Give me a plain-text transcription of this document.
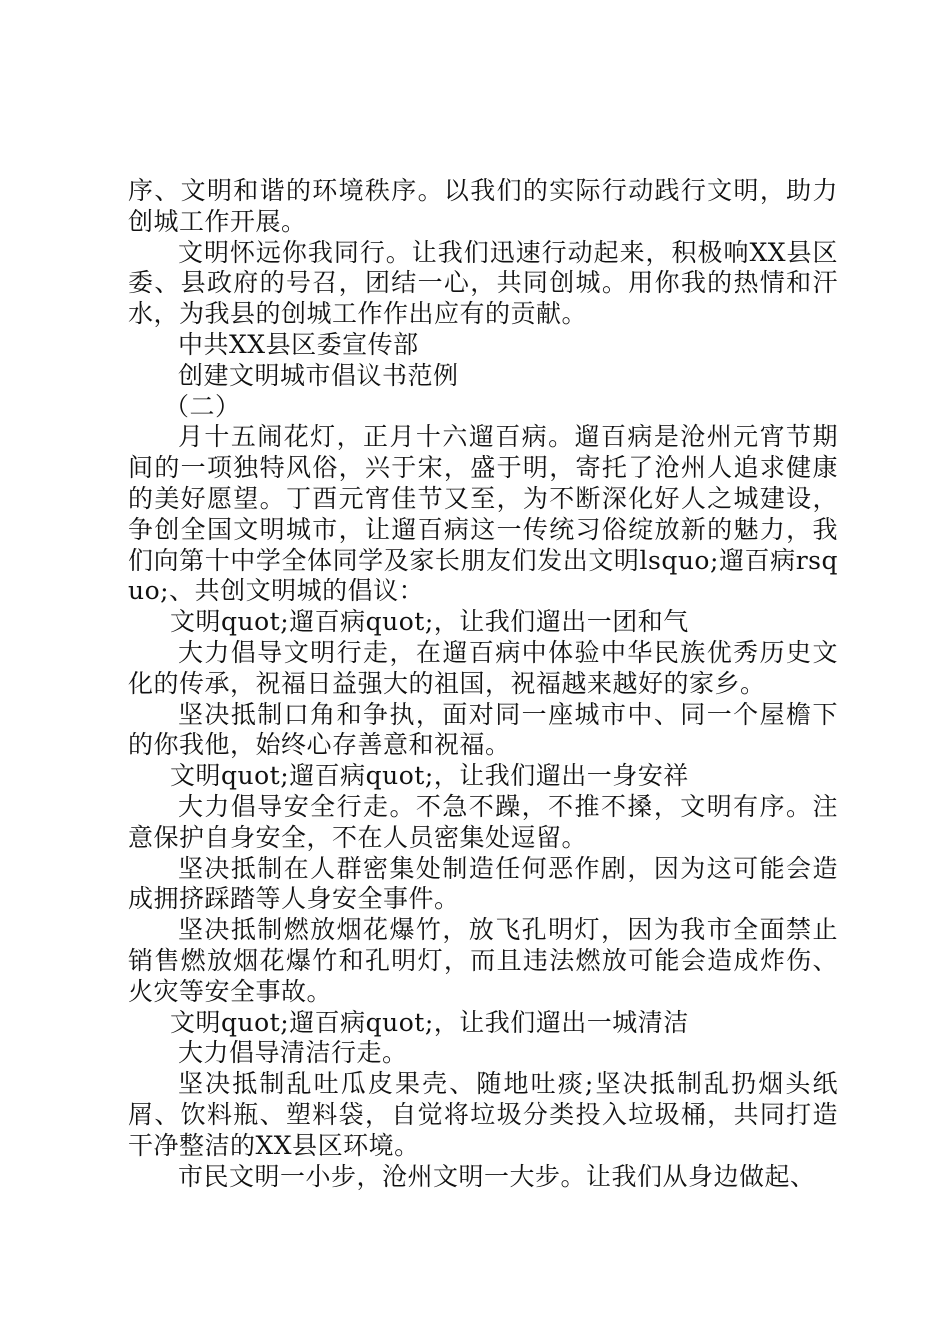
序、文明和谐的环境秩序。以我们的实际行动践行文明，助力创城工作开展。

文明怀远你我同行。让我们迅速行动起来，积极响XX县区委、县政府的号召，团结一心，共同创城。用你我的热情和汗水，为我县的创城工作作出应有的贡献。

中共XX县区委宣传部

创建文明城市倡议书范例

（二）

月十五闹花灯，正月十六遛百病。遛百病是沧州元宵节期间的一项独特风俗，兴于宋，盛于明，寄托了沧州人追求健康的美好愿望。丁酉元宵佳节又至，为不断深化好人之城建设，争创全国文明城市，让遛百病这一传统习俗绽放新的魅力，我们向第十中学全体同学及家长朋友们发出文明lsquo;遛百病rsquo;、共创文明城的倡议：

文明quot;遛百病quot;，让我们遛出一团和气

大力倡导文明行走，在遛百病中体验中华民族优秀历史文化的传承，祝福日益强大的祖国，祝福越来越好的家乡。

坚决抵制口角和争执，面对同一座城市中、同一个屋檐下的你我他，始终心存善意和祝福。

文明quot;遛百病quot;，让我们遛出一身安祥

大力倡导安全行走。不急不躁，不推不搡，文明有序。注意保护自身安全，不在人员密集处逗留。

坚决抵制在人群密集处制造任何恶作剧，因为这可能会造成拥挤踩踏等人身安全事件。

坚决抵制燃放烟花爆竹，放飞孔明灯，因为我市全面禁止销售燃放烟花爆竹和孔明灯，而且违法燃放可能会造成炸伤、火灾等安全事故。

文明quot;遛百病quot;，让我们遛出一城清洁

大力倡导清洁行走。

坚决抵制乱吐瓜皮果壳、随地吐痰;坚决抵制乱扔烟头纸屑、饮料瓶、塑料袋，自觉将垃圾分类投入垃圾桶，共同打造干净整洁的XX县区环境。

市民文明一小步，沧州文明一大步。让我们从身边做起、
